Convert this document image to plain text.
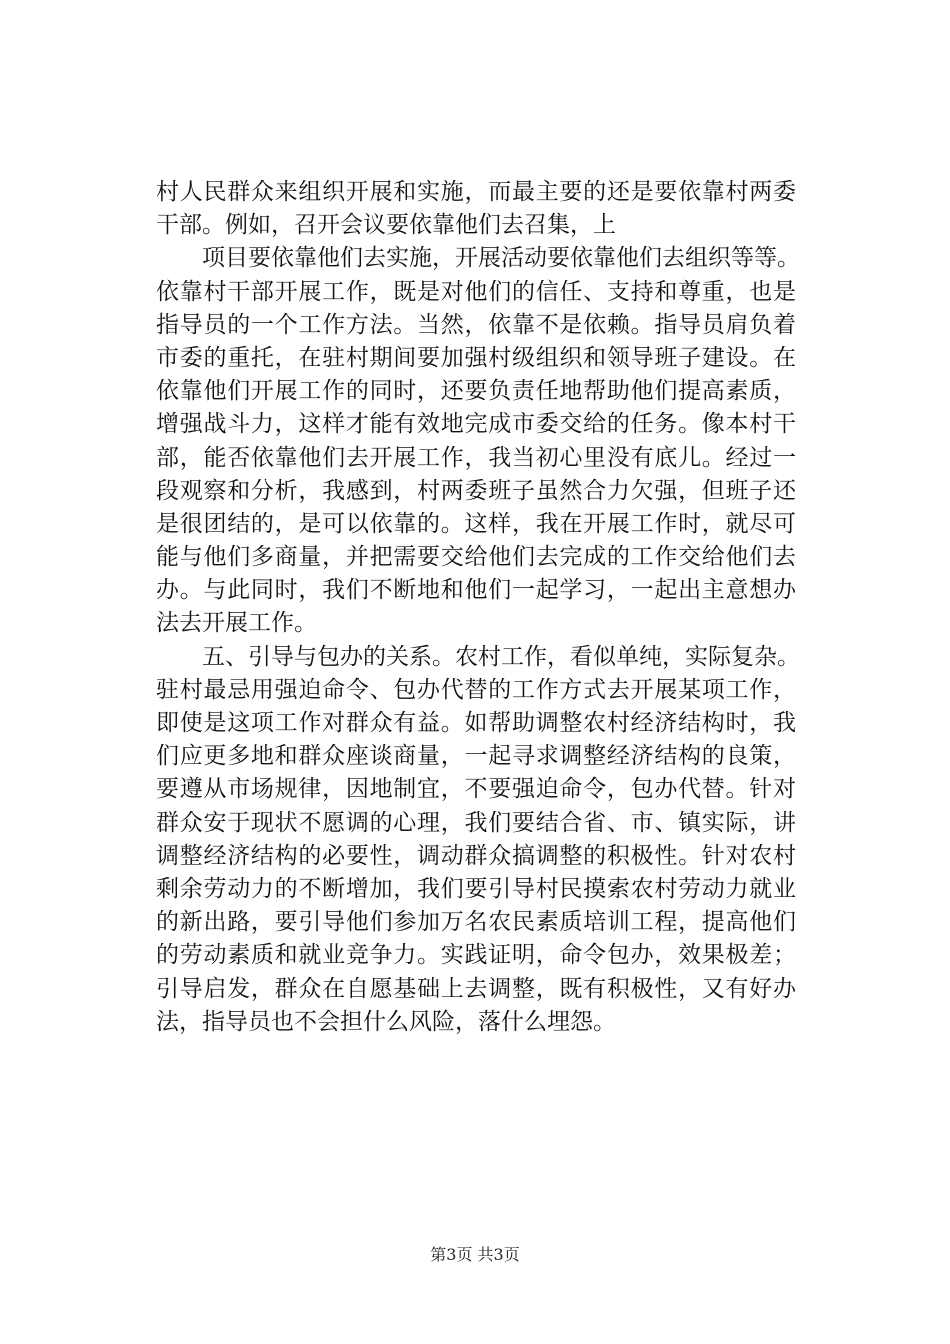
村人民群众来组织开展和实施，而最主要的还是要依靠村两委
干部。例如，召开会议要依靠他们去召集，上
项目要依靠他们去实施，开展活动要依靠他们去组织等等。
依靠村干部开展工作，既是对他们的信任、支持和尊重，也是
指导员的一个工作方法。当然，依靠不是依赖。指导员肩负着
市委的重托，在驻村期间要加强村级组织和领导班子建设。在
依靠他们开展工作的同时，还要负责任地帮助他们提高素质，
增强战斗力，这样才能有效地完成市委交给的任务。像本村干
部，能否依靠他们去开展工作，我当初心里没有底儿。经过一
段观察和分析，我感到，村两委班子虽然合力欠强，但班子还
是很团结的，是可以依靠的。这样，我在开展工作时，就尽可
能与他们多商量，并把需要交给他们去完成的工作交给他们去
办。与此同时，我们不断地和他们一起学习，一起出主意想办
法去开展工作。
五、引导与包办的关系。农村工作，看似单纯，实际复杂。
驻村最忌用强迫命令、包办代替的工作方式去开展某项工作，
即使是这项工作对群众有益。如帮助调整农村经济结构时，我
们应更多地和群众座谈商量，一起寻求调整经济结构的良策，
要遵从市场规律，因地制宜，不要强迫命令，包办代替。针对
群众安于现状不愿调的心理，我们要结合省、市、镇实际，讲
调整经济结构的必要性，调动群众搞调整的积极性。针对农村
剩余劳动力的不断增加，我们要引导村民摸索农村劳动力就业
的新出路，要引导他们参加万名农民素质培训工程，提高他们
的劳动素质和就业竞争力。实践证明，命令包办，效果极差；
引导启发，群众在自愿基础上去调整，既有积极性，又有好办
法，指导员也不会担什么风险，落什么埋怨。
第3页 共3页
